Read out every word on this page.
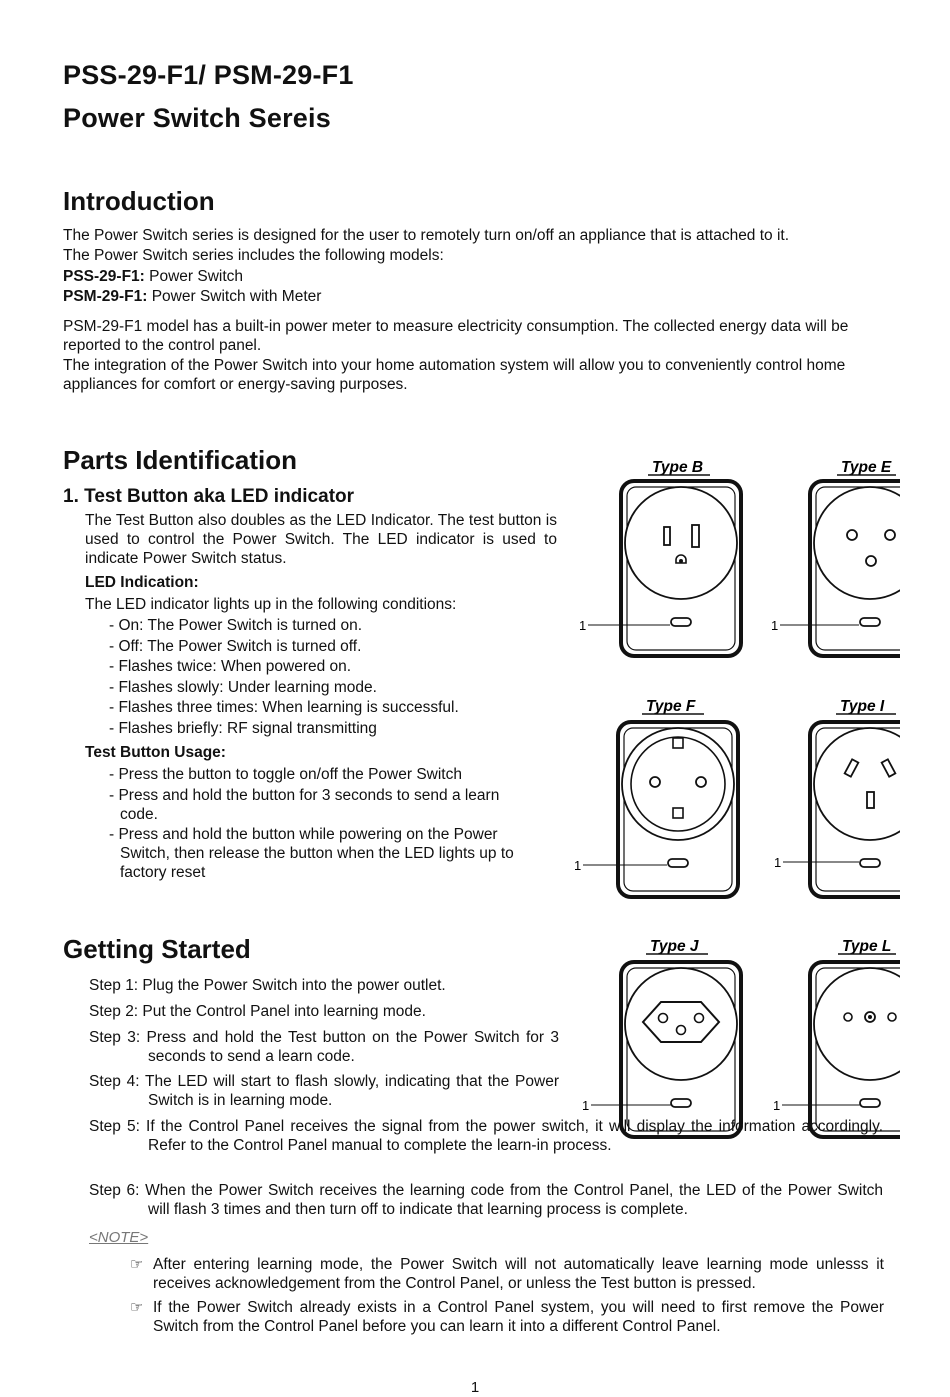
PSS-29-F1/ PSM-29-F1
Power Switch Sereis
Introduction
The Power Switch series is designed for the user to remotely turn on/off an appliance that is attached to it.
The Power Switch series includes the following models:
PSS-29-F1: Power Switch
PSM-29-F1: Power Switch with Meter
PSM-29-F1 model has a built-in power meter to measure electricity consumption. The collected energy data will be reported to the control panel.
The integration of the Power Switch into your home automation system will allow you to conveniently control home appliances for comfort or energy-saving purposes.
Parts Identification
1. Test Button aka LED indicator
The Test Button also doubles as the LED Indicator. The test button is used to control the Power Switch. The LED indicator is used to indicate Power Switch status.
LED Indication:
The LED indicator lights up in the following conditions:
- On: The Power Switch is turned on.
- Off: The Power Switch is turned off.
- Flashes twice: When powered on.
- Flashes slowly: Under learning mode.
- Flashes three times: When learning is successful.
- Flashes briefly: RF signal transmitting
Test Button Usage:
- Press the button to toggle on/off the Power Switch
- Press and hold the button for 3 seconds to send a learn code.
- Press and hold the button while powering on the Power Switch, then release the button when the LED lights up to factory reset
Type B
1
Type E
1
Type F
1
Type I
1
Type J
1
Type L
1
Getting Started
Step 1: Plug the Power Switch into the power outlet.
Step 2: Put the Control Panel into learning mode.
Step 3: Press and hold the Test button on the Power Switch for 3 seconds to send a learn code.
Step 4: The LED will start to flash slowly, indicating that the Power Switch is in learning mode.
Step 5: If the Control Panel receives the signal from the power switch, it will display the information accordingly. Refer to the Control Panel manual to complete the learn-in process.
Step 6: When the Power Switch receives the learning code from the Control Panel, the LED of the Power Switch will flash 3 times and then turn off to indicate that learning process is complete.
<NOTE>
☞ After entering learning mode, the Power Switch will not automatically leave learning mode unlesss it receives acknowledgement from the Control Panel, or unless the Test button is pressed.
☞ If the Power Switch already exists in a Control Panel system, you will need to first remove the Power Switch from the Control Panel before you can learn it into a different Control Panel.
1
